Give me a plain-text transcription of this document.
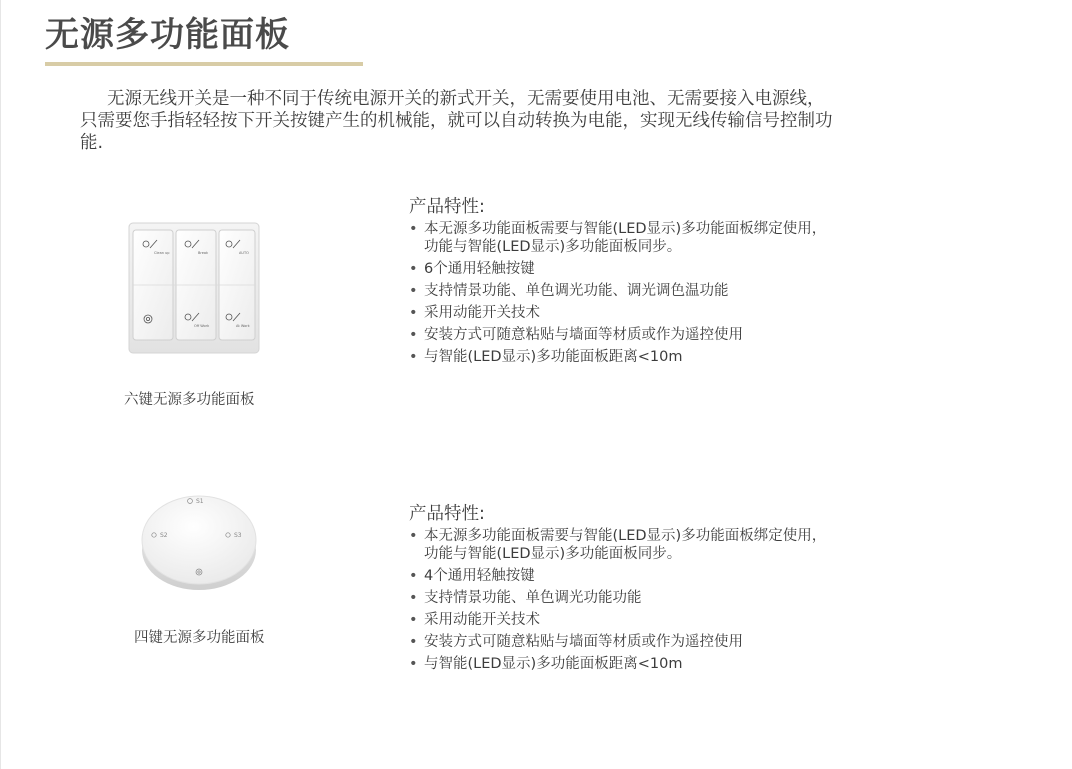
无源多功能面板

无源无线开关是一种不同于传统电源开关的新式开关，无需要使用电池、无需要接入电源线，只需要您手指轻轻按下开关按键产生的机械能，就可以自动转换为电能，实现无线传输信号控制功能.

Clean up	Break	AUTO
Off Work	At Work
六键无源多功能面板
产品特性:
• 本无源多功能面板需要与智能(LED显示)多功能面板绑定使用，功能与智能(LED显示)多功能面板同步。
• 6个通用轻触按键
• 支持情景功能、单色调光功能、调光调色温功能
• 采用动能开关技术
• 安装方式可随意粘贴与墙面等材质或作为遥控使用
• 与智能(LED显示)多功能面板距离<10m
S1
S2	S3
四键无源多功能面板
产品特性:
• 本无源多功能面板需要与智能(LED显示)多功能面板绑定使用，功能与智能(LED显示)多功能面板同步。
• 4个通用轻触按键
• 支持情景功能、单色调光功能功能
• 采用动能开关技术
• 安装方式可随意粘贴与墙面等材质或作为遥控使用
• 与智能(LED显示)多功能面板距离<10m
